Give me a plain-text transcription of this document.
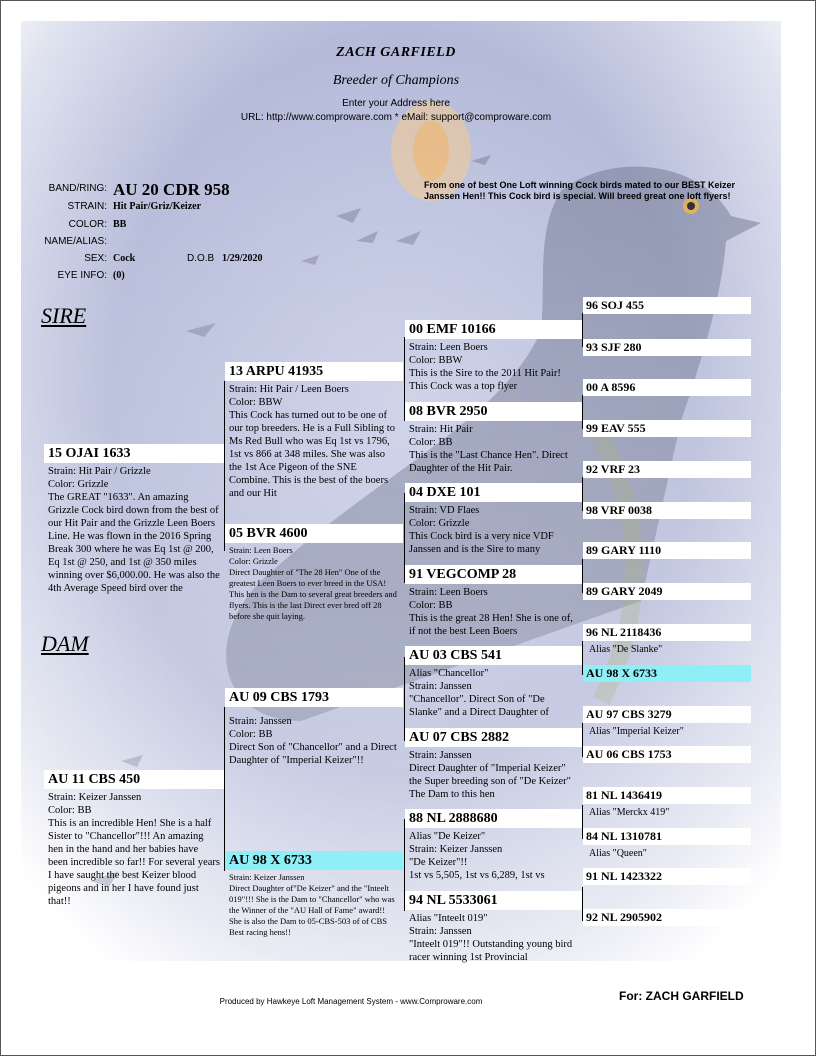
ZACH GARFIELD
Breeder of Champions
Enter your Address here
URL: http://www.comproware.com * eMail: support@comproware.com
BAND/RING: AU 20 CDR 958
STRAIN: Hit Pair/Griz/Keizer
COLOR: BB
NAME/ALIAS:
SEX: Cock	D.O.B 1/29/2020
EYE INFO: (0)
From one of best One Loft winning Cock birds mated to our BEST Keizer Janssen Hen!! This Cock bird is special. Will breed great one loft flyers!
SIRE
DAM
15 OJAI 1633
Strain: Hit Pair / Grizzle
Color: Grizzle
The GREAT "1633". An amazing Grizzle Cock bird down from the best of our Hit Pair and the Grizzle Leen Boers Line. He was flown in the 2016 Spring Break 300 where he was Eq 1st @ 200, Eq 1st @ 250, and 1st @ 350 miles winning over $6,000.00. He was also the 4th Average Speed bird over the
AU 11 CBS 450
Strain: Keizer Janssen
Color: BB
This is an incredible Hen! She is a half Sister to "Chancellor"!!! An amazing hen in the hand and her babies have been incredible so far!! For several years I have saught the best Keizer blood pigeons and in her I have found just that!!
13 ARPU 41935
Strain: Hit Pair / Leen Boers
Color: BBW
This Cock has turned out to be one of our top breeders. He is a Full Sibling to Ms Red Bull who was Eq 1st vs 1796, 1st vs 866 at 348 miles. She was also the 1st Ace Pigeon of the SNE Combine. This is the best of the boers and our Hit
05 BVR 4600
Strain: Leen Boers
Color: Grizzle
Direct Daughter of "The 28 Hen" One of the greatest Leen Boers to ever breed in the USA! This hen is the Dam to several great breeders and flyers. This is the last Direct ever bred off 28 before she quit laying.
AU 09 CBS 1793
Strain: Janssen
Color: BB
Direct Son of "Chancellor" and a Direct Daughter of "Imperial Keizer"!!
AU 98 X 6733
Strain: Keizer Janssen
Direct Daughter of"De Keizer" and the "Inteelt 019"!!! She is the Dam to "Chancellor" who was the Winner of the "AU Hall of Fame" award!! She is also the Dam to 05-CBS-503 of of CBS Best racing hens!!
00 EMF 10166
Strain: Leen Boers
Color: BBW
This is the Sire to the 2011 Hit Pair! This Cock was a top flyer
08 BVR 2950
Strain: Hit Pair
Color: BB
This is the "Last Chance Hen". Direct Daughter of the Hit Pair.
04 DXE 101
Strain: VD Flaes
Color: Grizzle
This Cock bird is a very nice VDF Janssen and is the Sire to many
91 VEGCOMP 28
Strain: Leen Boers
Color: BB
This is the great 28 Hen! She is one of, if not the best Leen Boers
AU 03 CBS 541
Alias "Chancellor"
Strain: Janssen
"Chancellor". Direct Son of "De Slanke" and a Direct Daughter of
AU 07 CBS 2882
Strain: Janssen
Direct Daughter of "Imperial Keizer" the Super breeding son of "De Keizer" The Dam to this hen
88 NL 2888680
Alias "De Keizer"
Strain: Keizer Janssen
"De Keizer"!!
1st vs 5,505, 1st vs 6,289, 1st vs
94 NL 5533061
Alias "Inteelt 019"
Strain: Janssen
"Inteelt 019"!! Outstanding young bird racer winning 1st Provincial
96 SOJ 455
93 SJF 280
00 A 8596
99 EAV 555
92 VRF 23
98 VRF 0038
89 GARY 1110
89 GARY 2049
96 NL 2118436
Alias "De Slanke"
AU 98 X 6733
AU 97 CBS 3279
Alias "Imperial Keizer"
AU 06 CBS 1753
81 NL 1436419
Alias "Merckx 419"
84 NL 1310781
Alias "Queen"
91 NL 1423322
92 NL 2905902
Produced by Hawkeye Loft Management System - www.Comproware.com	For: ZACH GARFIELD
